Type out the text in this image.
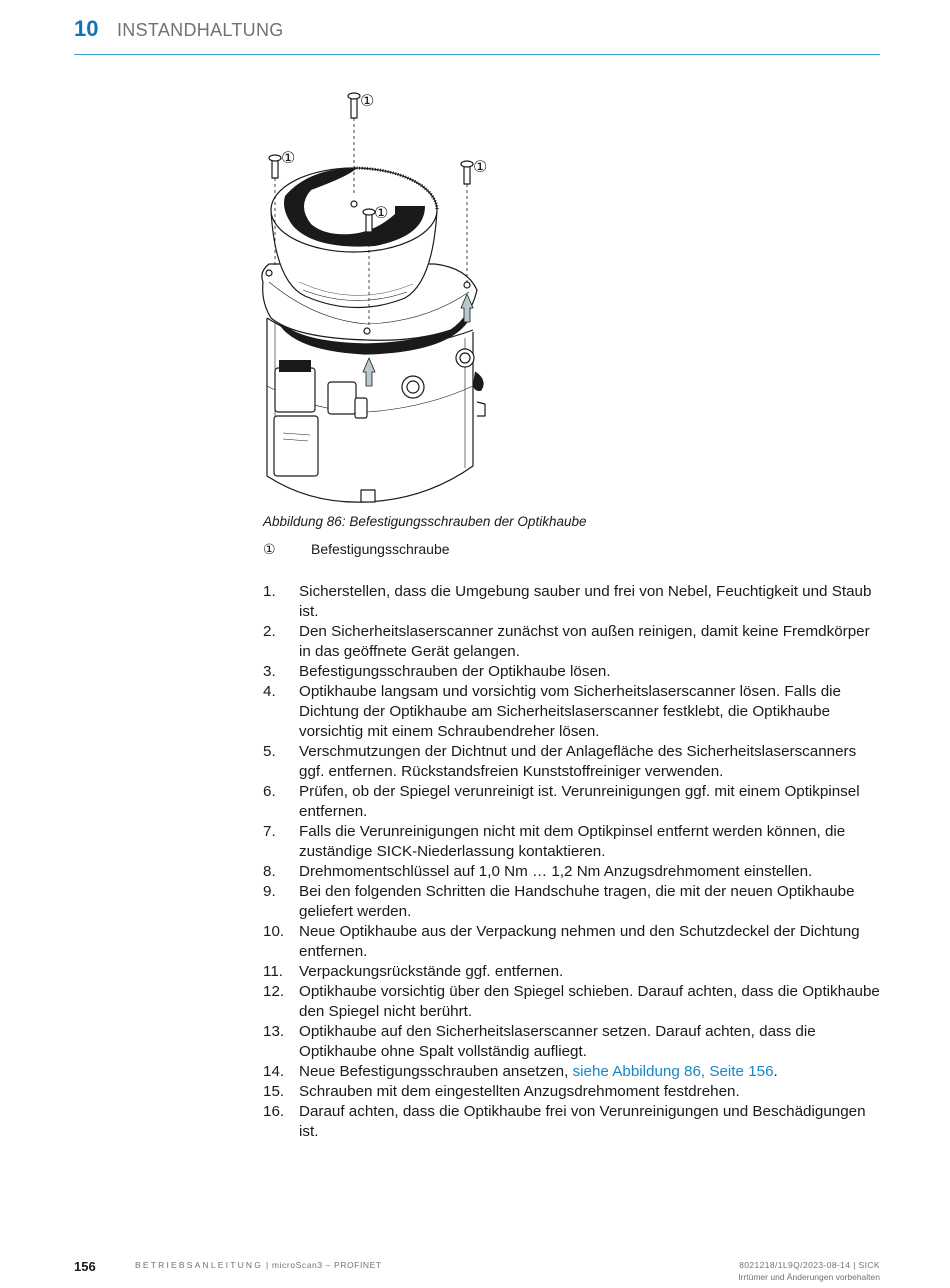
10 INSTANDHALTUNG
①
①	①
①
Abbildung 86: Befestigungsschrauben der Optikhaube
①	Befestigungsschraube
1. Sicherstellen, dass die Umgebung sauber und frei von Nebel, Feuchtigkeit und Staub ist.
2. Den Sicherheitslaserscanner zunächst von außen reinigen, damit keine Fremdkörper in das geöffnete Gerät gelangen.
3. Befestigungsschrauben der Optikhaube lösen.
4. Optikhaube langsam und vorsichtig vom Sicherheitslaserscanner lösen. Falls die Dichtung der Optikhaube am Sicherheitslaserscanner festklebt, die Optikhaube vorsichtig mit einem Schraubendreher lösen.
5. Verschmutzungen der Dichtnut und der Anlagefläche des Sicherheitslaserscanners ggf. entfernen. Rückstandsfreien Kunststoffreiniger verwenden.
6. Prüfen, ob der Spiegel verunreinigt ist. Verunreinigungen ggf. mit einem Optikpinsel entfernen.
7. Falls die Verunreinigungen nicht mit dem Optikpinsel entfernt werden können, die zuständige SICK-Niederlassung kontaktieren.
8. Drehmomentschlüssel auf 1,0 Nm … 1,2 Nm Anzugsdrehmoment einstellen.
9. Bei den folgenden Schritten die Handschuhe tragen, die mit der neuen Optikhaube geliefert werden.
10. Neue Optikhaube aus der Verpackung nehmen und den Schutzdeckel der Dichtung entfernen.
11. Verpackungsrückstände ggf. entfernen.
12. Optikhaube vorsichtig über den Spiegel schieben. Darauf achten, dass die Optikhaube den Spiegel nicht berührt.
13. Optikhaube auf den Sicherheitslaserscanner setzen. Darauf achten, dass die Optikhaube ohne Spalt vollständig aufliegt.
14. Neue Befestigungsschrauben ansetzen, siehe Abbildung 86, Seite 156.
15. Schrauben mit dem eingestellten Anzugsdrehmoment festdrehen.
16. Darauf achten, dass die Optikhaube frei von Verunreinigungen und Beschädigungen ist.
156	BETRIEBSANLEITUNG | microScan3 – PROFINET	8021218/1L9Q/2023-08-14 | SICK
Irrtümer und Änderungen vorbehalten
